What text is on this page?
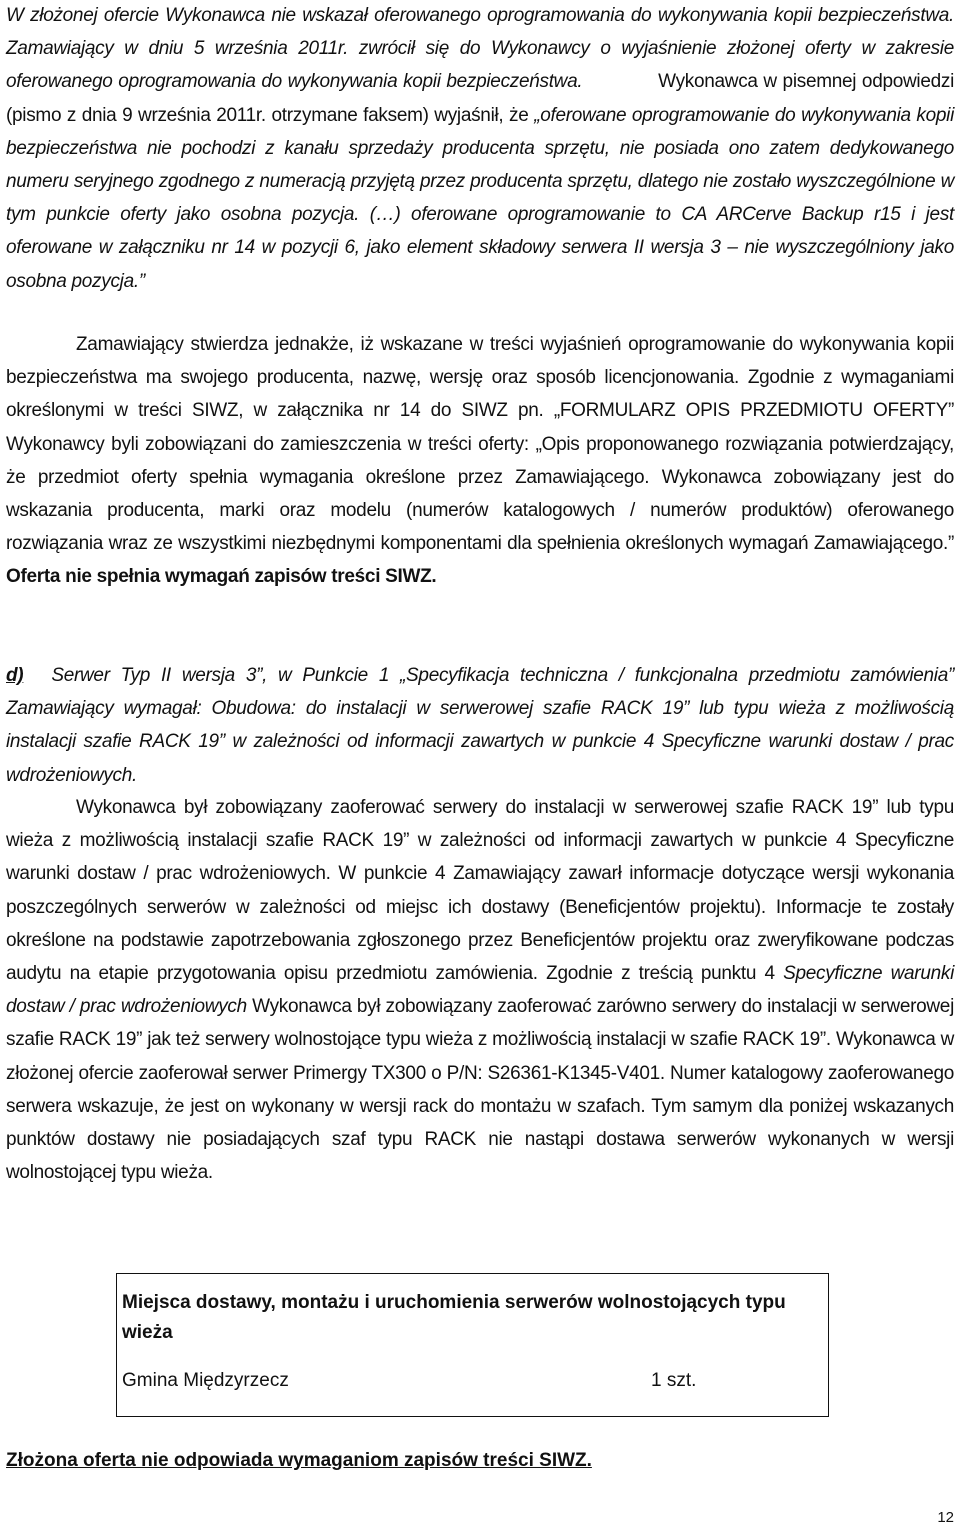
W złożonej ofercie Wykonawca nie wskazał oferowanego oprogramowania do wykonywania kopii bezpieczeństwa. Zamawiający w dniu 5 września 2011r. zwrócił się do Wykonawcy o wyjaśnienie złożonej oferty w zakresie oferowanego oprogramowania do wykonywania kopii bezpieczeństwa.	Wykonawca w pisemnej odpowiedzi (pismo z dnia 9 września 2011r. otrzymane faksem) wyjaśnił, że „oferowane oprogramowanie do wykonywania kopii bezpieczeństwa nie pochodzi z kanału sprzedaży producenta sprzętu, nie posiada ono zatem dedykowanego numeru seryjnego zgodnego z numeracją przyjętą przez producenta sprzętu, dlatego nie zostało wyszczególnione w tym punkcie oferty jako osobna pozycja. (…) oferowane oprogramowanie to CA ARCerve Backup r15 i jest oferowane w załączniku nr 14 w pozycji 6, jako element składowy serwera II wersja 3 – nie wyszczególniony jako osobna pozycja.”
Zamawiający stwierdza jednakże, iż wskazane w treści wyjaśnień oprogramowanie do wykonywania kopii bezpieczeństwa ma swojego producenta, nazwę, wersję oraz sposób licencjonowania. Zgodnie z wymaganiami określonymi w treści SIWZ, w załącznika nr 14 do SIWZ pn. „FORMULARZ OPIS PRZEDMIOTU OFERTY” Wykonawcy byli zobowiązani do zamieszczenia w treści oferty: „Opis proponowanego rozwiązania potwierdzający, że przedmiot oferty spełnia wymagania określone przez Zamawiającego. Wykonawca zobowiązany jest do wskazania producenta, marki oraz modelu (numerów katalogowych / numerów produktów) oferowanego rozwiązania wraz ze wszystkimi niezbędnymi komponentami dla spełnienia określonych wymagań Zamawiającego.” Oferta nie spełnia wymagań zapisów treści SIWZ.
d) Serwer Typ II wersja 3”, w Punkcie 1 „Specyfikacja techniczna / funkcjonalna przedmiotu zamówienia” Zamawiający wymagał: Obudowa: do instalacji w serwerowej szafie RACK 19” lub typu wieża z możliwością instalacji szafie RACK 19” w zależności od informacji zawartych w punkcie 4 Specyficzne warunki dostaw / prac wdrożeniowych.
Wykonawca był zobowiązany zaoferować serwery do instalacji w serwerowej szafie RACK 19” lub typu wieża z możliwością instalacji szafie RACK 19” w zależności od informacji zawartych w punkcie 4 Specyficzne warunki dostaw / prac wdrożeniowych. W punkcie 4 Zamawiający zawarł informacje dotyczące wersji wykonania poszczególnych serwerów w zależności od miejsc ich dostawy (Beneficjentów projektu). Informacje te zostały określone na podstawie zapotrzebowania zgłoszonego przez Beneficjentów projektu oraz zweryfikowane podczas audytu na etapie przygotowania opisu przedmiotu zamówienia. Zgodnie z treścią punktu 4 Specyficzne warunki dostaw / prac wdrożeniowych Wykonawca był zobowiązany zaoferować zarówno serwery do instalacji w serwerowej szafie RACK 19” jak też serwery wolnostojące typu wieża z możliwością instalacji w szafie RACK 19”. Wykonawca w złożonej ofercie zaoferował serwer Primergy TX300 o P/N: S26361-K1345-V401. Numer katalogowy zaoferowanego serwera wskazuje, że jest on wykonany w wersji rack do montażu w szafach. Tym samym dla poniżej wskazanych punktów dostawy nie posiadających szaf typu RACK nie nastąpi dostawa serwerów wykonanych w wersji wolnostojącej typu wieża.
Miejsca dostawy, montażu i uruchomienia serwerów wolnostojących typu wieża
Gmina Międzyrzecz	1 szt.
Złożona oferta nie odpowiada wymaganiom zapisów treści SIWZ.
12
